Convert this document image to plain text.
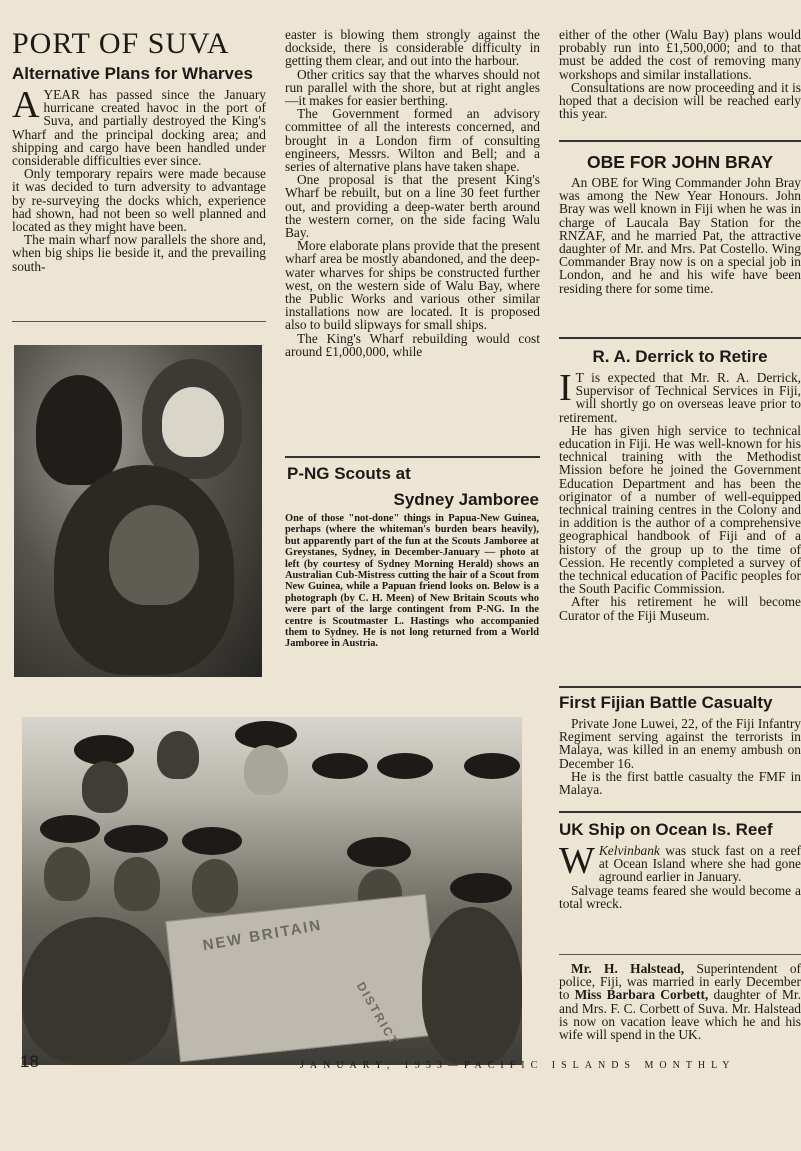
PORT OF SUVA
Alternative Plans for Wharves

AYEAR has passed since the January hurricane created havoc in the port of Suva, and partially destroyed the King's Wharf and the principal docking area; and shipping and cargo have been handled under considerable difficulties ever since.

Only temporary repairs were made because it was decided to turn adversity to advantage by re-surveying the docks which, experience had shown, had not been so well planned and located as they might have been.

The main wharf now parallels the shore and, when big ships lie beside it, and the prevailing south-

easter is blowing them strongly against the dockside, there is considerable difficulty in getting them clear, and out into the harbour.

Other critics say that the wharves should not run parallel with the shore, but at right angles—it makes for easier berthing.

The Government formed an advisory committee of all the interests concerned, and brought in a London firm of consulting engineers, Messrs. Wilton and Bell; and a series of alternative plans have taken shape.

One proposal is that the present King's Wharf be rebuilt, but on a line 30 feet further out, and providing a deep-water berth around the western corner, on the side facing Walu Bay.

More elaborate plans provide that the present wharf area be mostly abandoned, and the deep-water wharves for ships be constructed further west, on the western side of Walu Bay, where the Public Works and various other similar installations now are located. It is proposed also to build slipways for small ships.

The King's Wharf rebuilding would cost around £1,000,000, while

P-NG Scouts at
Sydney Jamboree
One of those "not-done" things in Papua-New Guinea, perhaps (where the whiteman's burden bears heavily), but apparently part of the fun at the Scouts Jamboree at Greystanes, Sydney, in December-January — photo at left (by courtesy of Sydney Morning Herald) shows an Australian Cub-Mistress cutting the hair of a Scout from New Guinea, while a Papuan friend looks on. Below is a photograph (by C. H. Meen) of New Britain Scouts who were part of the large contingent from P-NG. In the centre is Scoutmaster L. Hastings who accompanied them to Sydney. He is not long returned from a World Jamboree in Austria.
NEW BRITAIN
DISTRICT

either of the other (Walu Bay) plans would probably run into £1,500,000; and to that must be added the cost of removing many workshops and similar installations.

Consultations are now proceeding and it is hoped that a decision will be reached early this year.

OBE FOR JOHN BRAY

An OBE for Wing Commander John Bray was among the New Year Honours. John Bray was well known in Fiji when he was in charge of Laucala Bay Station for the RNZAF, and he married Pat, the attractive daughter of Mr. and Mrs. Pat Costello. Wing Commander Bray now is on a special job in London, and he and his wife have been residing there for some time.

R. A. Derrick to Retire

I T is expected that Mr. R. A. Derrick, Supervisor of Technical Services in Fiji, will shortly go on overseas leave prior to retirement.

He has given high service to technical education in Fiji. He was well-known for his technical training with the Methodist Mission before he joined the Government Education Department and has been the originator of a number of well-equipped technical training centres in the Colony and in addition is the author of a comprehensive geographical handbook of Fiji and of a history of the group up to the time of Cession. He recently completed a survey of the technical education of Pacific peoples for the South Pacific Commission.

After his retirement he will become Curator of the Fiji Museum.

First Fijian Battle Casualty

Private Jone Luwei, 22, of the Fiji Infantry Regiment serving against the terrorists in Malaya, was killed in an enemy ambush on December 16.

He is the first battle casualty the FMF in Malaya.

UK Ship on Ocean Is. Reef

W Kelvinbank was stuck fast on a reef at Ocean Island where she had gone aground earlier in January.

Salvage teams feared she would become a total wreck.

Mr. H. Halstead, Superintendent of police, Fiji, was married in early December to Miss Barbara Corbett, daughter of Mr. and Mrs. F. C. Corbett of Suva. Mr. Halstead is now on vacation leave which he and his wife will spend in the UK.

18	JANUARY, 1953—PACIFIC ISLANDS MONTHLY
